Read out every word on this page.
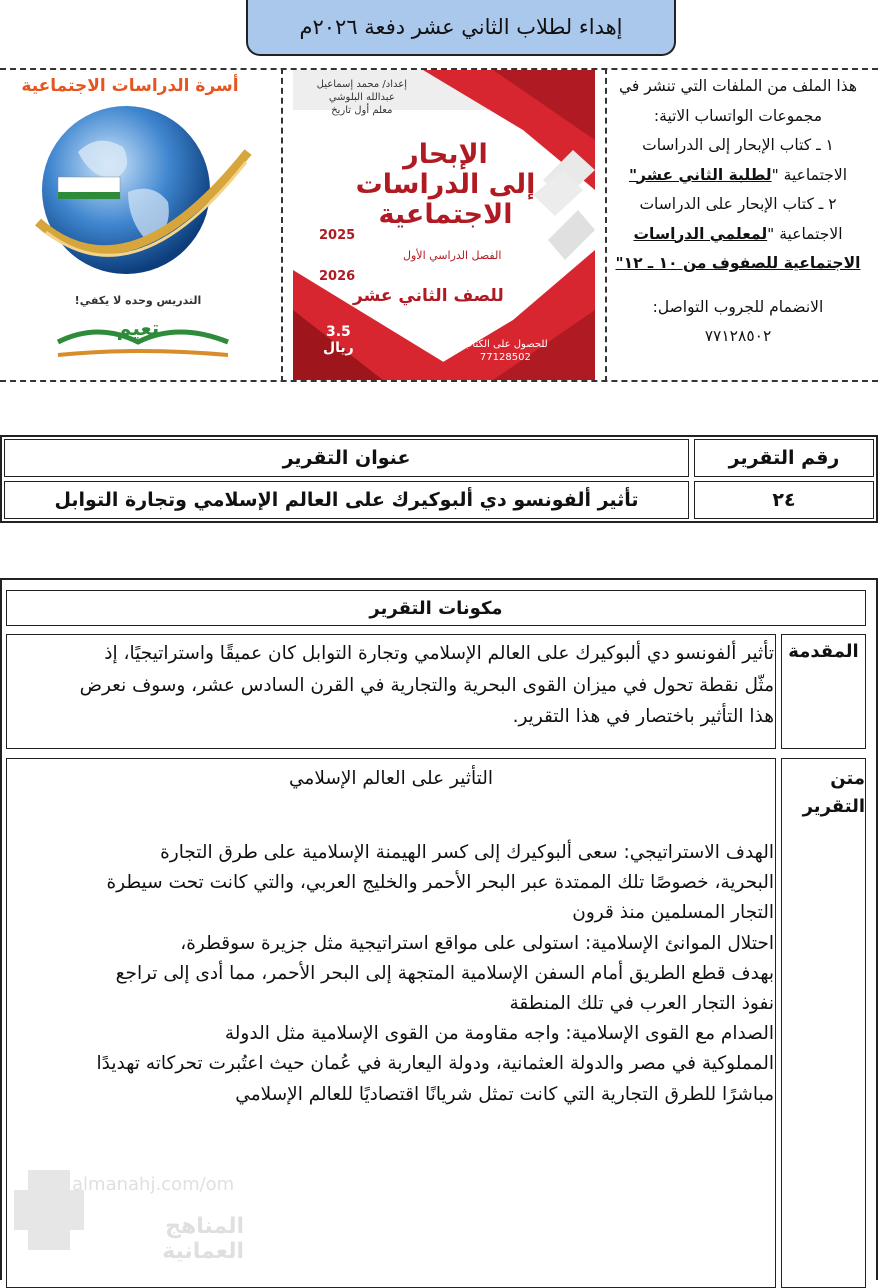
إهداء لطلاب الثاني عشر دفعة ٢٠٢٦م
هذا الملف من الملفات التي تنشر في
مجموعات الواتساب الاتية:
١ ـ كتاب الإبحار إلى الدراسات
الاجتماعية "لطلبة الثاني عشر"
٢ ـ كتاب الإبحار على الدراسات
الاجتماعية "لمعلمي الدراسات
الاجتماعية للصفوف من ١٠ ـ ١٢"
الانضمام للجروب التواصل:
٧٧١٢٨٥٠٢
إعداد/ محمد إسماعيل
عبدالله البلوشي
معلم أول تاريخ
الإبحار
إلى الدراسات
الاجتماعية
2025
الفصل الدراسي الأول
2026
للصف الثاني عشر
3.5
ريال	للحصول على الكتاب
77128502
أسرة الدراسات الاجتماعية
التدريس وحده لا يكفي!
تعيم
رقم التقرير
عنوان التقرير
٢٤
تأثير ألفونسو دي ألبوكيرك على العالم الإسلامي وتجارة التوابل
مكونات التقرير
المقدمة
تأثير ألفونسو دي ألبوكيرك على العالم الإسلامي وتجارة التوابل كان عميقًا واستراتيجيًا، إذ
مثّل نقطة تحول في ميزان القوى البحرية والتجارية في القرن السادس عشر، وسوف نعرض
هذا التأثير باختصار في هذا التقرير.
متن
التقرير
التأثير على العالم الإسلامي
الهدف الاستراتيجي: سعى ألبوكيرك إلى كسر الهيمنة الإسلامية على طرق التجارة
البحرية، خصوصًا تلك الممتدة عبر البحر الأحمر والخليج العربي، والتي كانت تحت سيطرة
التجار المسلمين منذ قرون
احتلال الموانئ الإسلامية: استولى على مواقع استراتيجية مثل جزيرة سوقطرة،
بهدف قطع الطريق أمام السفن الإسلامية المتجهة إلى البحر الأحمر، مما أدى إلى تراجع
نفوذ التجار العرب في تلك المنطقة
الصدام مع القوى الإسلامية: واجه مقاومة من القوى الإسلامية مثل الدولة
المملوكية في مصر والدولة العثمانية، ودولة اليعاربة في عُمان حيث اعتُبرت تحركاته تهديدًا
مباشرًا للطرق التجارية التي كانت تمثل شريانًا اقتصاديًا للعالم الإسلامي
almanahj.com/om
المناهج العمانية
